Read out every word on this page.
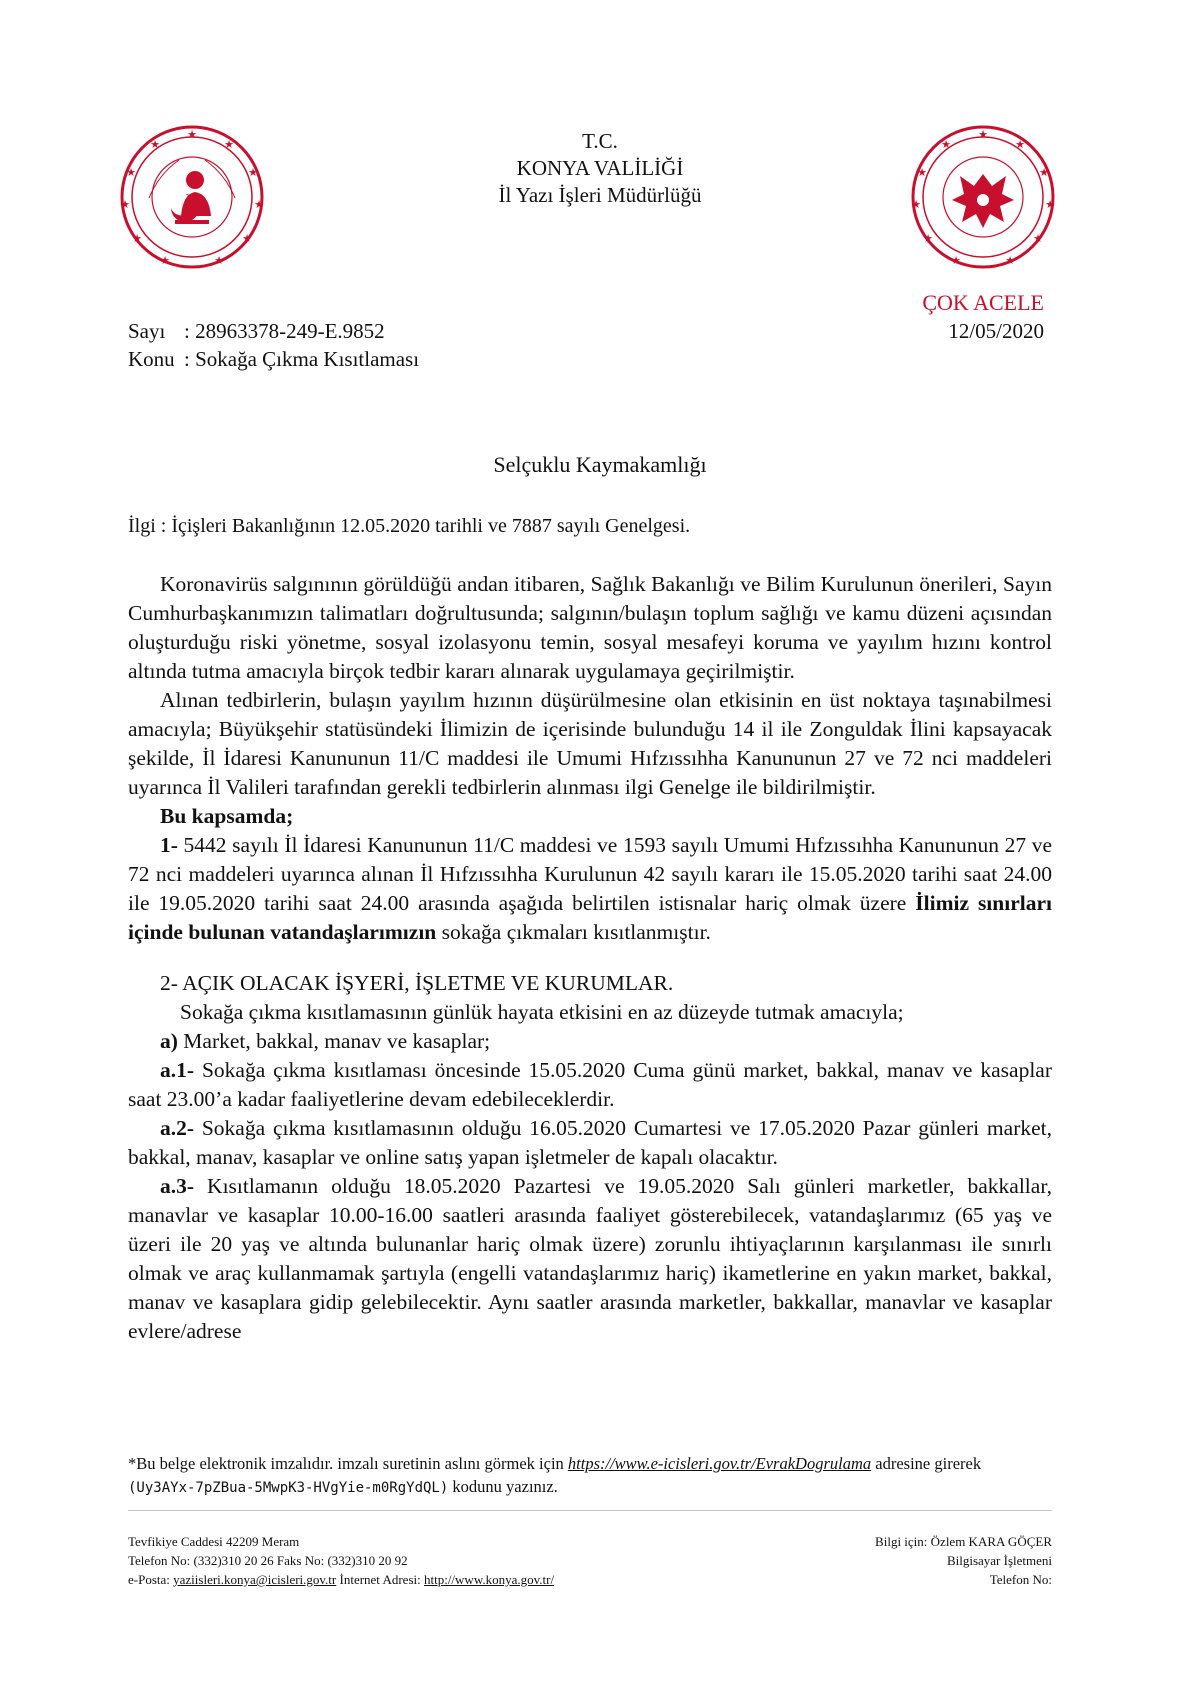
★
★
★
★
★
★
★
★
★
★
★
★
★
★
★
★
★
★
★
★
★
★
T.C.
KONYA VALİLİĞİ
İl Yazı İşleri Müdürlüğü
ÇOK ACELE
12/05/2020
Sayı : 28963378-249-E.9852
Konu : Sokağa Çıkma Kısıtlaması
Selçuklu Kaymakamlığı
İlgi : İçişleri Bakanlığının 12.05.2020 tarihli ve 7887 sayılı Genelgesi.

Koronavirüs salgınının görüldüğü andan itibaren, Sağlık Bakanlığı ve Bilim Kurulunun önerileri, Sayın Cumhurbaşkanımızın talimatları doğrultusunda; salgının/bulaşın toplum sağlığı ve kamu düzeni açısından oluşturduğu riski yönetme, sosyal izolasyonu temin, sosyal mesafeyi koruma ve yayılım hızını kontrol altında tutma amacıyla birçok tedbir kararı alınarak uygulamaya geçirilmiştir.

Alınan tedbirlerin, bulaşın yayılım hızının düşürülmesine olan etkisinin en üst noktaya taşınabilmesi amacıyla; Büyükşehir statüsündeki İlimizin de içerisinde bulunduğu 14 il ile Zonguldak İlini kapsayacak şekilde, İl İdaresi Kanununun 11/C maddesi ile Umumi Hıfzıssıhha Kanununun 27 ve 72 nci maddeleri uyarınca İl Valileri tarafından gerekli tedbirlerin alınması ilgi Genelge ile bildirilmiştir.

Bu kapsamda;

1- 5442 sayılı İl İdaresi Kanununun 11/C maddesi ve 1593 sayılı Umumi Hıfzıssıhha Kanununun 27 ve 72 nci maddeleri uyarınca alınan İl Hıfzıssıhha Kurulunun 42 sayılı kararı ile 15.05.2020 tarihi saat 24.00 ile 19.05.2020 tarihi saat 24.00 arasında aşağıda belirtilen istisnalar hariç olmak üzere İlimiz sınırları içinde bulunan vatandaşlarımızın sokağa çıkmaları kısıtlanmıştır.

2- AÇIK OLACAK İŞYERİ, İŞLETME VE KURUMLAR.

Sokağa çıkma kısıtlamasının günlük hayata etkisini en az düzeyde tutmak amacıyla;

a) Market, bakkal, manav ve kasaplar;

a.1- Sokağa çıkma kısıtlaması öncesinde 15.05.2020 Cuma günü market, bakkal, manav ve kasaplar saat 23.00’a kadar faaliyetlerine devam edebileceklerdir.

a.2- Sokağa çıkma kısıtlamasının olduğu 16.05.2020 Cumartesi ve 17.05.2020 Pazar günleri market, bakkal, manav, kasaplar ve online satış yapan işletmeler de kapalı olacaktır.

a.3- Kısıtlamanın olduğu 18.05.2020 Pazartesi ve 19.05.2020 Salı günleri marketler, bakkallar, manavlar ve kasaplar 10.00-16.00 saatleri arasında faaliyet gösterebilecek, vatandaşlarımız (65 yaş ve üzeri ile 20 yaş ve altında bulunanlar hariç olmak üzere) zorunlu ihtiyaçlarının karşılanması ile sınırlı olmak ve araç kullanmamak şartıyla (engelli vatandaşlarımız hariç) ikametlerine en yakın market, bakkal, manav ve kasaplara gidip gelebilecektir. Aynı saatler arasında marketler, bakkallar, manavlar ve kasaplar evlere/adrese

*Bu belge elektronik imzalıdır. imzalı suretinin aslını görmek için https://www.e-icisleri.gov.tr/EvrakDogrulama adresine girerek (Uy3AYx-7pZBua-5MwpK3-HVgYie-m0RgYdQL) kodunu yazınız.
Tevfikiye Caddesi 42209 Meram
Telefon No: (332)310 20 26 Faks No: (332)310 20 92
e-Posta: yaziisleri.konya@icisleri.gov.tr İnternet Adresi: http://www.konya.gov.tr/
Bilgi için: Özlem KARA GÖÇER
Bilgisayar İşletmeni
Telefon No:
